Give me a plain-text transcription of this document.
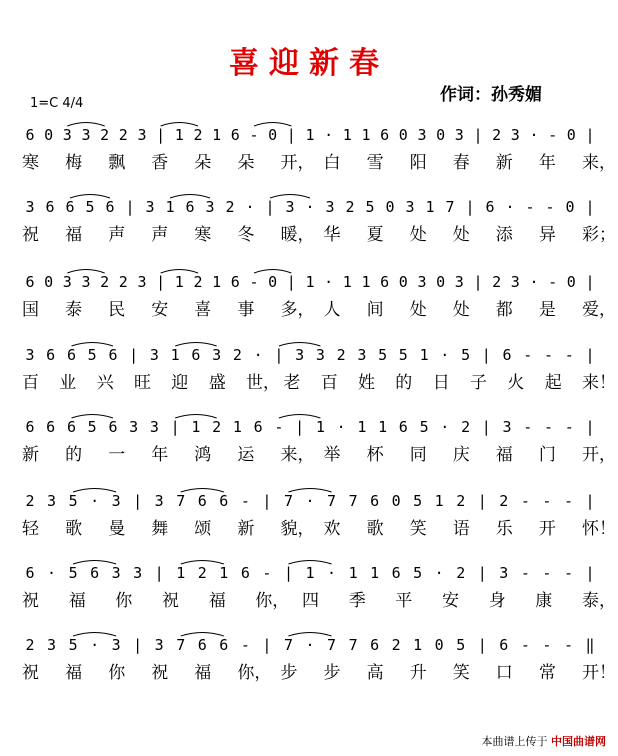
喜迎新春
作词：孙秀媚
1=C 4/4
6 0 3 3 2 2 3 | 1 2 1 6 - 0 | 1 · 1 1 6 0 3 0 3 | 2 3 · - 0 |
寒 梅 飘 香 朵 朵 开， 白 雪 阳 春 新 年 来，
3 6 6 5 6 | 3 1 6 3 2 · | 3 · 3 2 5 0 3 1 7 | 6 · - - 0 |
祝 福 声 声 寒 冬 暖， 华 夏 处 处 添 异 彩；
6 0 3 3 2 2 3 | 1 2 1 6 - 0 | 1 · 1 1 6 0 3 0 3 | 2 3 · - 0 |
国 泰 民 安 喜 事 多， 人 间 处 处 都 是 爱，
3 6 6 5 6 | 3 1 6 3 2 · | 3 3 2 3 5 5 1 · 5 | 6 - - - |
百 业 兴 旺 迎 盛 世， 老 百 姓 的 日 子 火 起 来！
6 6 6 5 6 3 3 | 1 2 1 6 - | 1 · 1 1 6 5 · 2 | 3 - - - |
新 的 一 年 鸿 运 来， 举 杯 同 庆 福 门 开，
2 3 5 · 3 | 3 7 6 6 - | 7 · 7 7 6 0 5 1 2 | 2 - - - |
轻 歌 曼 舞 颂 新 貌， 欢 歌 笑 语 乐 开 怀！
6 · 5 6 3 3 | 1 2 1 6 - | 1 · 1 1 6 5 · 2 | 3 - - - |
祝 福 你 祝 福 你， 四 季 平 安 身 康 泰，
2 3 5 · 3 | 3 7 6 6 - | 7 · 7 7 6 2 1 0 5 | 6 - - - ‖
祝 福 你 祝 福 你， 步 步 高 升 笑 口 常 开！
本曲谱上传于 中国曲谱网
